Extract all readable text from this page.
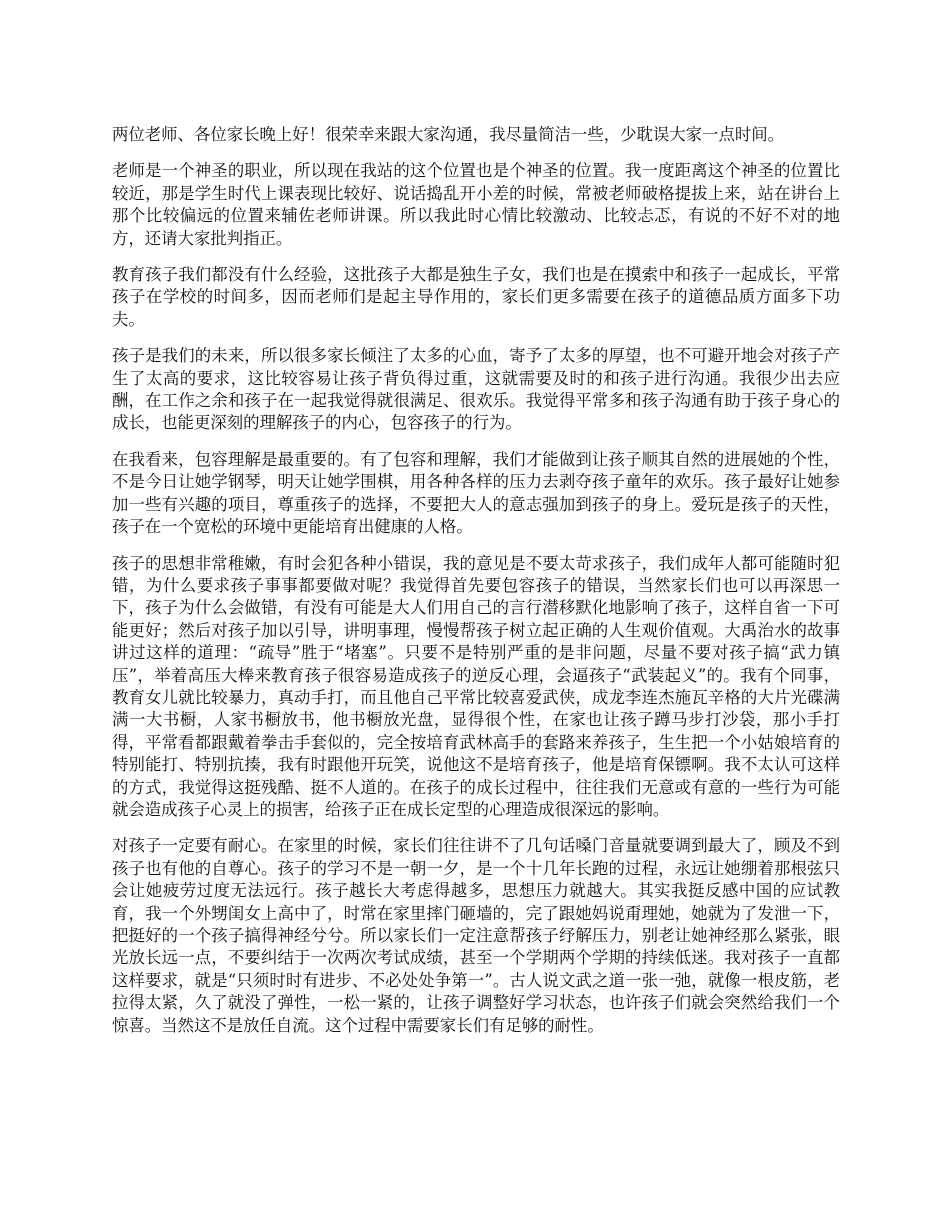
两位老师、各位家长晚上好！很荣幸来跟大家沟通，我尽量简洁一些，少耽误大家一点时间。

老师是一个神圣的职业，所以现在我站的这个位置也是个神圣的位置。我一度距离这个神圣的位置比较近，那是学生时代上课表现比较好、说话捣乱开小差的时候，常被老师破格提拔上来，站在讲台上那个比较偏远的位置来辅佐老师讲课。所以我此时心情比较激动、比较忐忑，有说的不好不对的地方，还请大家批判指正。

教育孩子我们都没有什么经验，这批孩子大都是独生子女，我们也是在摸索中和孩子一起成长，平常孩子在学校的时间多，因而老师们是起主导作用的，家长们更多需要在孩子的道德品质方面多下功夫。

孩子是我们的未来，所以很多家长倾注了太多的心血，寄予了太多的厚望，也不可避开地会对孩子产生了太高的要求，这比较容易让孩子背负得过重，这就需要及时的和孩子进行沟通。我很少出去应酬，在工作之余和孩子在一起我觉得就很满足、很欢乐。我觉得平常多和孩子沟通有助于孩子身心的成长，也能更深刻的理解孩子的内心，包容孩子的行为。

在我看来，包容理解是最重要的。有了包容和理解，我们才能做到让孩子顺其自然的进展她的个性，不是今日让她学钢琴，明天让她学围棋，用各种各样的压力去剥夺孩子童年的欢乐。孩子最好让她参加一些有兴趣的项目，尊重孩子的选择，不要把大人的意志强加到孩子的身上。爱玩是孩子的天性，孩子在一个宽松的环境中更能培育出健康的人格。

孩子的思想非常稚嫩，有时会犯各种小错误，我的意见是不要太苛求孩子，我们成年人都可能随时犯错，为什么要求孩子事事都要做对呢？我觉得首先要包容孩子的错误，当然家长们也可以再深思一下，孩子为什么会做错，有没有可能是大人们用自己的言行潜移默化地影响了孩子，这样自省一下可能更好；然后对孩子加以引导，讲明事理，慢慢帮孩子树立起正确的人生观价值观。大禹治水的故事讲过这样的道理：“疏导”胜于“堵塞”。只要不是特别严重的是非问题，尽量不要对孩子搞“武力镇压”，举着高压大棒来教育孩子很容易造成孩子的逆反心理，会逼孩子“武装起义”的。我有个同事，教育女儿就比较暴力，真动手打，而且他自己平常比较喜爱武侠，成龙李连杰施瓦辛格的大片光碟满满一大书橱，人家书橱放书，他书橱放光盘，显得很个性，在家也让孩子蹲马步打沙袋，那小手打得，平常看都跟戴着拳击手套似的，完全按培育武林高手的套路来养孩子，生生把一个小姑娘培育的特别能打、特别抗揍，我有时跟他开玩笑，说他这不是培育孩子，他是培育保镖啊。我不太认可这样的方式，我觉得这挺残酷、挺不人道的。在孩子的成长过程中，往往我们无意或有意的一些行为可能就会造成孩子心灵上的损害，给孩子正在成长定型的心理造成很深远的影响。

对孩子一定要有耐心。在家里的时候，家长们往往讲不了几句话嗓门音量就要调到最大了，顾及不到孩子也有他的自尊心。孩子的学习不是一朝一夕，是一个十几年长跑的过程，永远让她绷着那根弦只会让她疲劳过度无法远行。孩子越长大考虑得越多，思想压力就越大。其实我挺反感中国的应试教育，我一个外甥闺女上高中了，时常在家里摔门砸墙的，完了跟她妈说甭理她，她就为了发泄一下，把挺好的一个孩子搞得神经兮兮。所以家长们一定注意帮孩子纾解压力，别老让她神经那么紧张，眼光放长远一点，不要纠结于一次两次考试成绩，甚至一个学期两个学期的持续低迷。我对孩子一直都这样要求，就是“只须时时有进步、不必处处争第一”。古人说文武之道一张一弛，就像一根皮筋，老拉得太紧，久了就没了弹性，一松一紧的，让孩子调整好学习状态，也许孩子们就会突然给我们一个惊喜。当然这不是放任自流。这个过程中需要家长们有足够的耐性。
